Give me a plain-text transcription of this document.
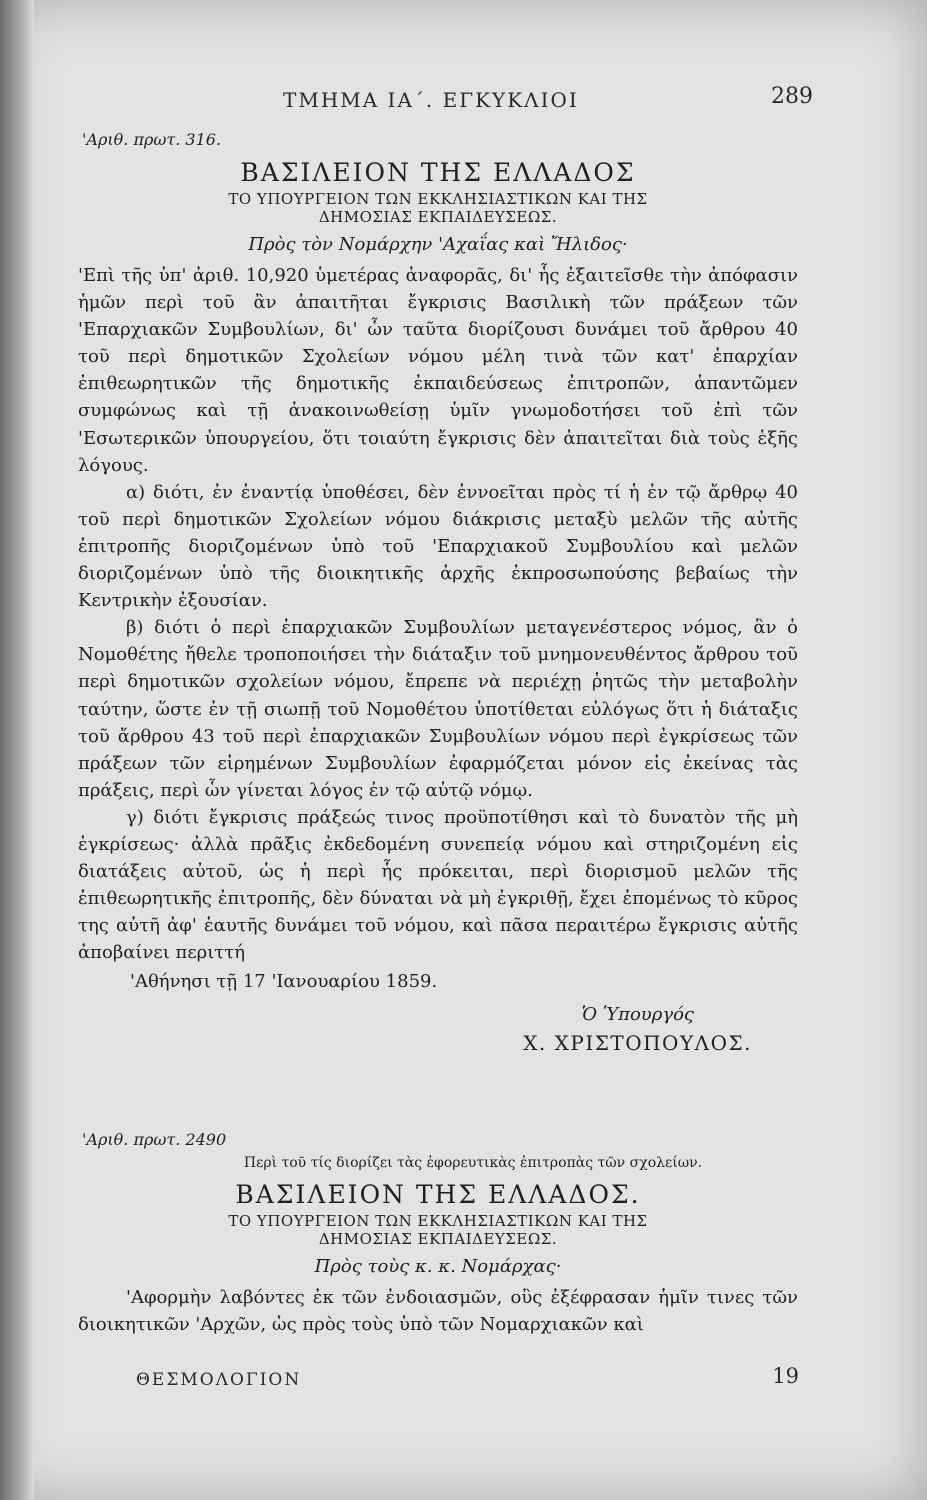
ΤΜΗΜΑ ΙΑ΄. ΕΓΚΥΚΛΙΟΙ	289
'Αριθ. πρωτ. 316.
ΒΑΣΙΛΕΙΟΝ ΤΗΣ ΕΛΛΑΔΟΣ
ΤΟ ΥΠΟΥΡΓΕΙΟΝ ΤΩΝ ΕΚΚΛΗΣΙΑΣΤΙΚΩΝ ΚΑΙ ΤΗΣ
ΔΗΜΟΣΙΑΣ ΕΚΠΑΙΔΕΥΣΕΩΣ.
Πρὸς τὸν Νομάρχην 'Αχαΐας καὶ Ἤλιδος·

'Επὶ τῆς ὑπ' ἀριθ. 10,920 ὑμετέρας ἀναφορᾶς, δι' ἧς ἐξαιτεῖσθε τὴν ἀπόφασιν ἡμῶν περὶ τοῦ ἂν ἀπαιτῆται ἔγκρισις Βασιλικὴ τῶν πράξεων τῶν 'Επαρχιακῶν Συμβουλίων, δι' ὧν ταῦτα διορίζουσι δυνάμει τοῦ ἄρθρου 40 τοῦ περὶ δημοτικῶν Σχολείων νόμου μέλη τινὰ τῶν κατ' ἐπαρχίαν ἐπιθεωρητικῶν τῆς δημοτικῆς ἐκπαιδεύσεως ἐπιτροπῶν, ἀπαντῶμεν συμφώνως καὶ τῇ ἀνακοινωθείσῃ ὑμῖν γνωμοδοτήσει τοῦ ἐπὶ τῶν 'Εσωτερικῶν ὑπουργείου, ὅτι τοιαύτη ἔγκρισις δὲν ἀπαιτεῖται διὰ τοὺς ἑξῆς λόγους.

α) διότι, ἐν ἐναντίᾳ ὑποθέσει, δὲν ἐννοεῖται πρὸς τί ἡ ἐν τῷ ἄρθρῳ 40 τοῦ περὶ δημοτικῶν Σχολείων νόμου διάκρισις μεταξὺ μελῶν τῆς αὐτῆς ἐπιτροπῆς διοριζομένων ὑπὸ τοῦ 'Επαρχιακοῦ Συμβουλίου καὶ μελῶν διοριζομένων ὑπὸ τῆς διοικητικῆς ἀρχῆς ἐκπροσωπούσης βεβαίως τὴν Κεντρικὴν ἐξουσίαν.

β) διότι ὁ περὶ ἐπαρχιακῶν Συμβουλίων μεταγενέστερος νόμος, ἂν ὁ Νομοθέτης ἤθελε τροποποιήσει τὴν διάταξιν τοῦ μνημονευθέντος ἄρθρου τοῦ περὶ δημοτικῶν σχολείων νόμου, ἔπρεπε νὰ περιέχῃ ῥητῶς τὴν μεταβολὴν ταύτην, ὥστε ἐν τῇ σιωπῇ τοῦ Νομοθέτου ὑποτίθεται εὐλόγως ὅτι ἡ διάταξις τοῦ ἄρθρου 43 τοῦ περὶ ἐπαρχιακῶν Συμβουλίων νόμου περὶ ἐγκρίσεως τῶν πράξεων τῶν εἰρημένων Συμβουλίων ἐφαρμόζεται μόνον εἰς ἐκείνας τὰς πράξεις, περὶ ὧν γίνεται λόγος ἐν τῷ αὐτῷ νόμῳ.

γ) διότι ἔγκρισις πράξεώς τινος προϋποτίθησι καὶ τὸ δυνατὸν τῆς μὴ ἐγκρίσεως· ἀλλὰ πρᾶξις ἐκδεδομένη συνεπείᾳ νόμου καὶ στηριζομένη εἰς διατάξεις αὐτοῦ, ὡς ἡ περὶ ἧς πρόκειται, περὶ διορισμοῦ μελῶν τῆς ἐπιθεωρητικῆς ἐπιτροπῆς, δὲν δύναται νὰ μὴ ἐγκριθῇ, ἔχει ἐπομένως τὸ κῦρος της αὐτῆ ἀφ' ἑαυτῆς δυνάμει τοῦ νόμου, καὶ πᾶσα περαιτέρω ἔγκρισις αὐτῆς ἀποβαίνει περιττή

'Αθήνησι τῇ 17 'Ιανουαρίου 1859.
Ὁ Ὑπουργός
Χ. ΧΡΙΣΤΟΠΟΥΛΟΣ.
'Αριθ. πρωτ. 2490
Περὶ τοῦ τίς διορίζει τὰς ἐφορευτικὰς ἐπιτροπὰς τῶν σχολείων.
ΒΑΣΙΛΕΙΟΝ ΤΗΣ ΕΛΛΑΔΟΣ.
ΤΟ ΥΠΟΥΡΓΕΙΟΝ ΤΩΝ ΕΚΚΛΗΣΙΑΣΤΙΚΩΝ ΚΑΙ ΤΗΣ
ΔΗΜΟΣΙΑΣ ΕΚΠΑΙΔΕΥΣΕΩΣ.
Πρὸς τοὺς κ. κ. Νομάρχας·

'Αφορμὴν λαβόντες ἐκ τῶν ἐνδοιασμῶν, οὓς ἐξέφρασαν ἡμῖν τινες τῶν διοικητικῶν 'Αρχῶν, ὡς πρὸς τοὺς ὑπὸ τῶν Νομαρχιακῶν καὶ

ΘΕΣΜΟΛΟΓΙΟΝ	19
